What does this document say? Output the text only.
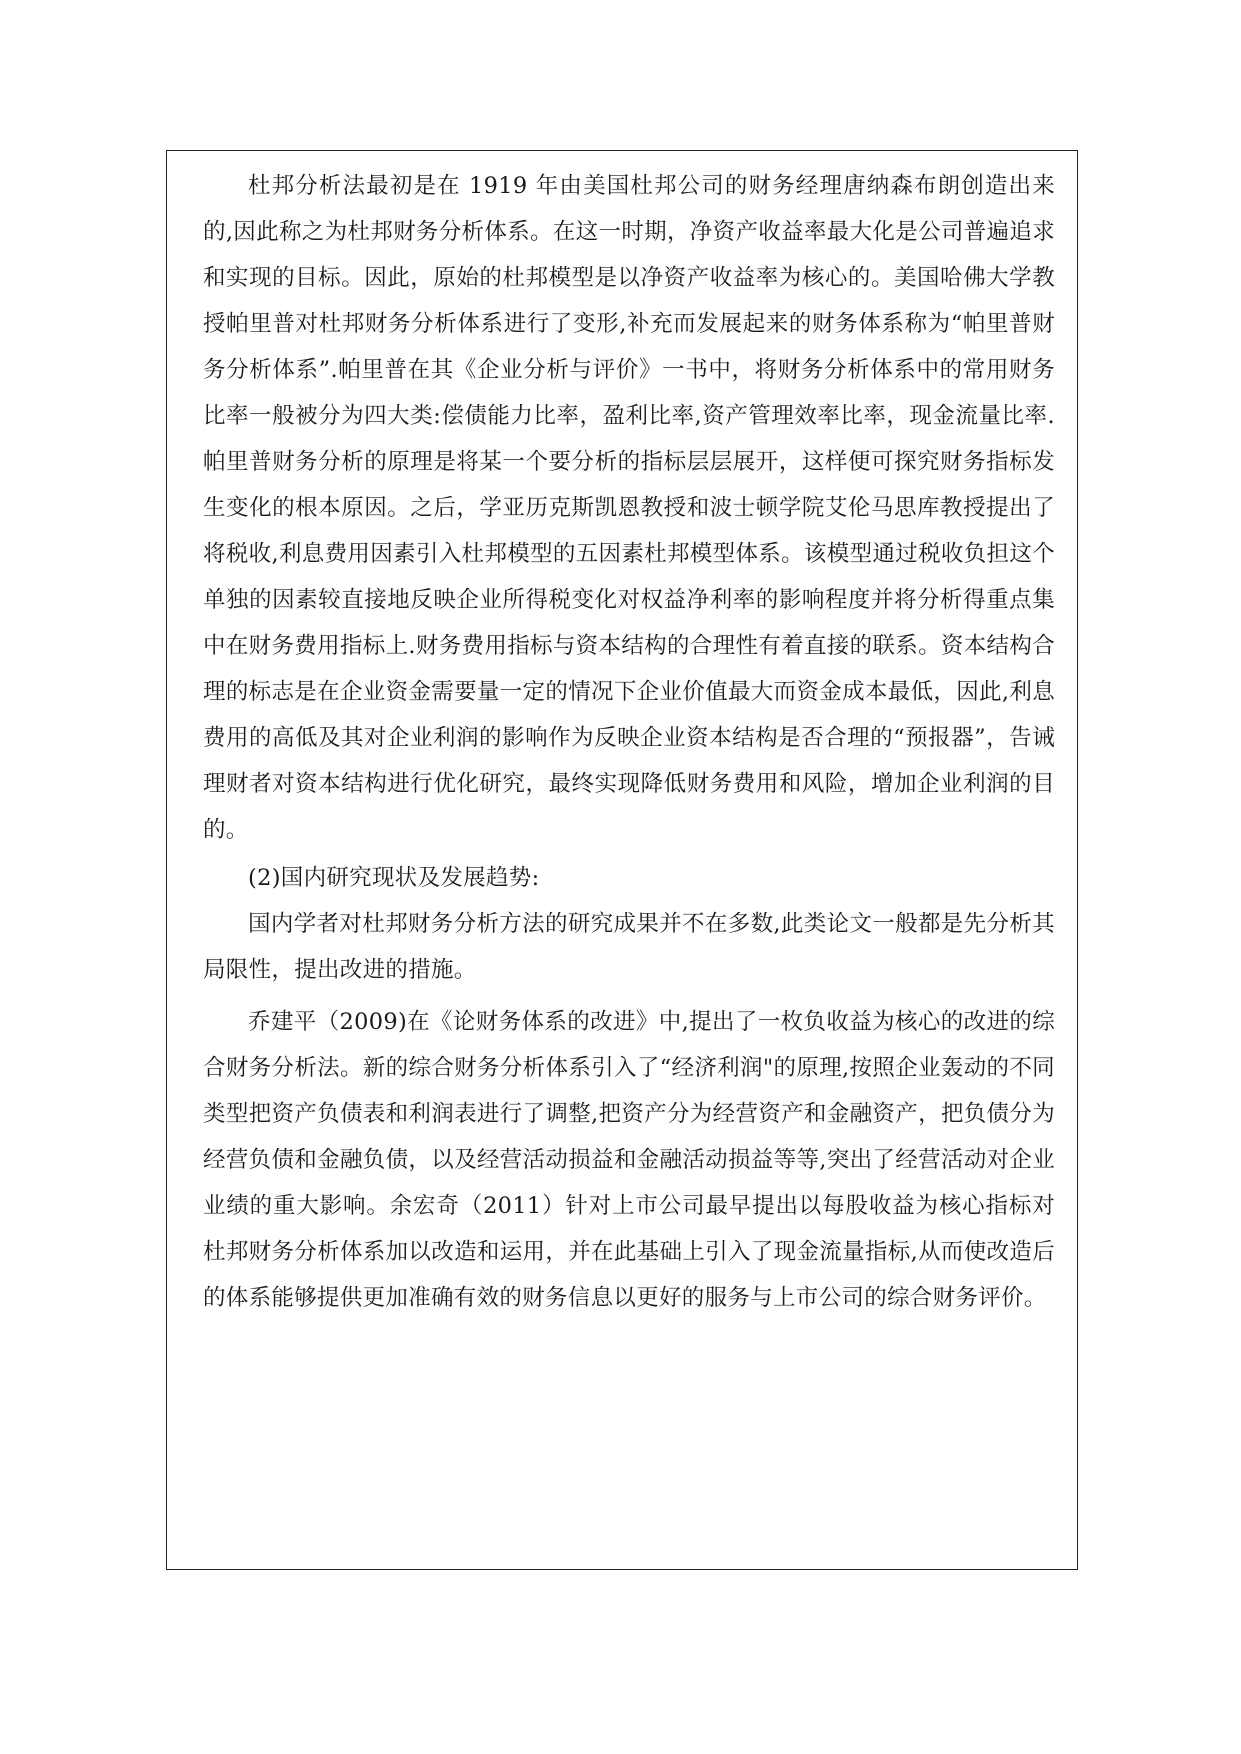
杜邦分析法最初是在 1919 年由美国杜邦公司的财务经理唐纳森布朗创造出来的,因此称之为杜邦财务分析体系。在这一时期，净资产收益率最大化是公司普遍追求和实现的目标。因此，原始的杜邦模型是以净资产收益率为核心的。美国哈佛大学教授帕里普对杜邦财务分析体系进行了变形,补充而发展起来的财务体系称为“帕里普财务分析体系”.帕里普在其《企业分析与评价》一书中，将财务分析体系中的常用财务比率一般被分为四大类:偿债能力比率，盈利比率,资产管理效率比率，现金流量比率.帕里普财务分析的原理是将某一个要分析的指标层层展开，这样便可探究财务指标发生变化的根本原因。之后，学亚历克斯凯恩教授和波士顿学院艾伦马思库教授提出了将税收,利息费用因素引入杜邦模型的五因素杜邦模型体系。该模型通过税收负担这个单独的因素较直接地反映企业所得税变化对权益净利率的影响程度并将分析得重点集中在财务费用指标上.财务费用指标与资本结构的合理性有着直接的联系。资本结构合理的标志是在企业资金需要量一定的情况下企业价值最大而资金成本最低，因此,利息费用的高低及其对企业利润的影响作为反映企业资本结构是否合理的“预报器”，告诫理财者对资本结构进行优化研究，最终实现降低财务费用和风险，增加企业利润的目的。

(2)国内研究现状及发展趋势:

国内学者对杜邦财务分析方法的研究成果并不在多数,此类论文一般都是先分析其局限性，提出改进的措施。

乔建平（2009)在《论财务体系的改进》中,提出了一枚负收益为核心的改进的综合财务分析法。新的综合财务分析体系引入了“经济利润"的原理,按照企业轰动的不同类型把资产负债表和利润表进行了调整,把资产分为经营资产和金融资产，把负债分为经营负债和金融负债，以及经营活动损益和金融活动损益等等,突出了经营活动对企业业绩的重大影响。余宏奇（2011）针对上市公司最早提出以每股收益为核心指标对杜邦财务分析体系加以改造和运用，并在此基础上引入了现金流量指标,从而使改造后的体系能够提供更加准确有效的财务信息以更好的服务与上市公司的综合财务评价。
